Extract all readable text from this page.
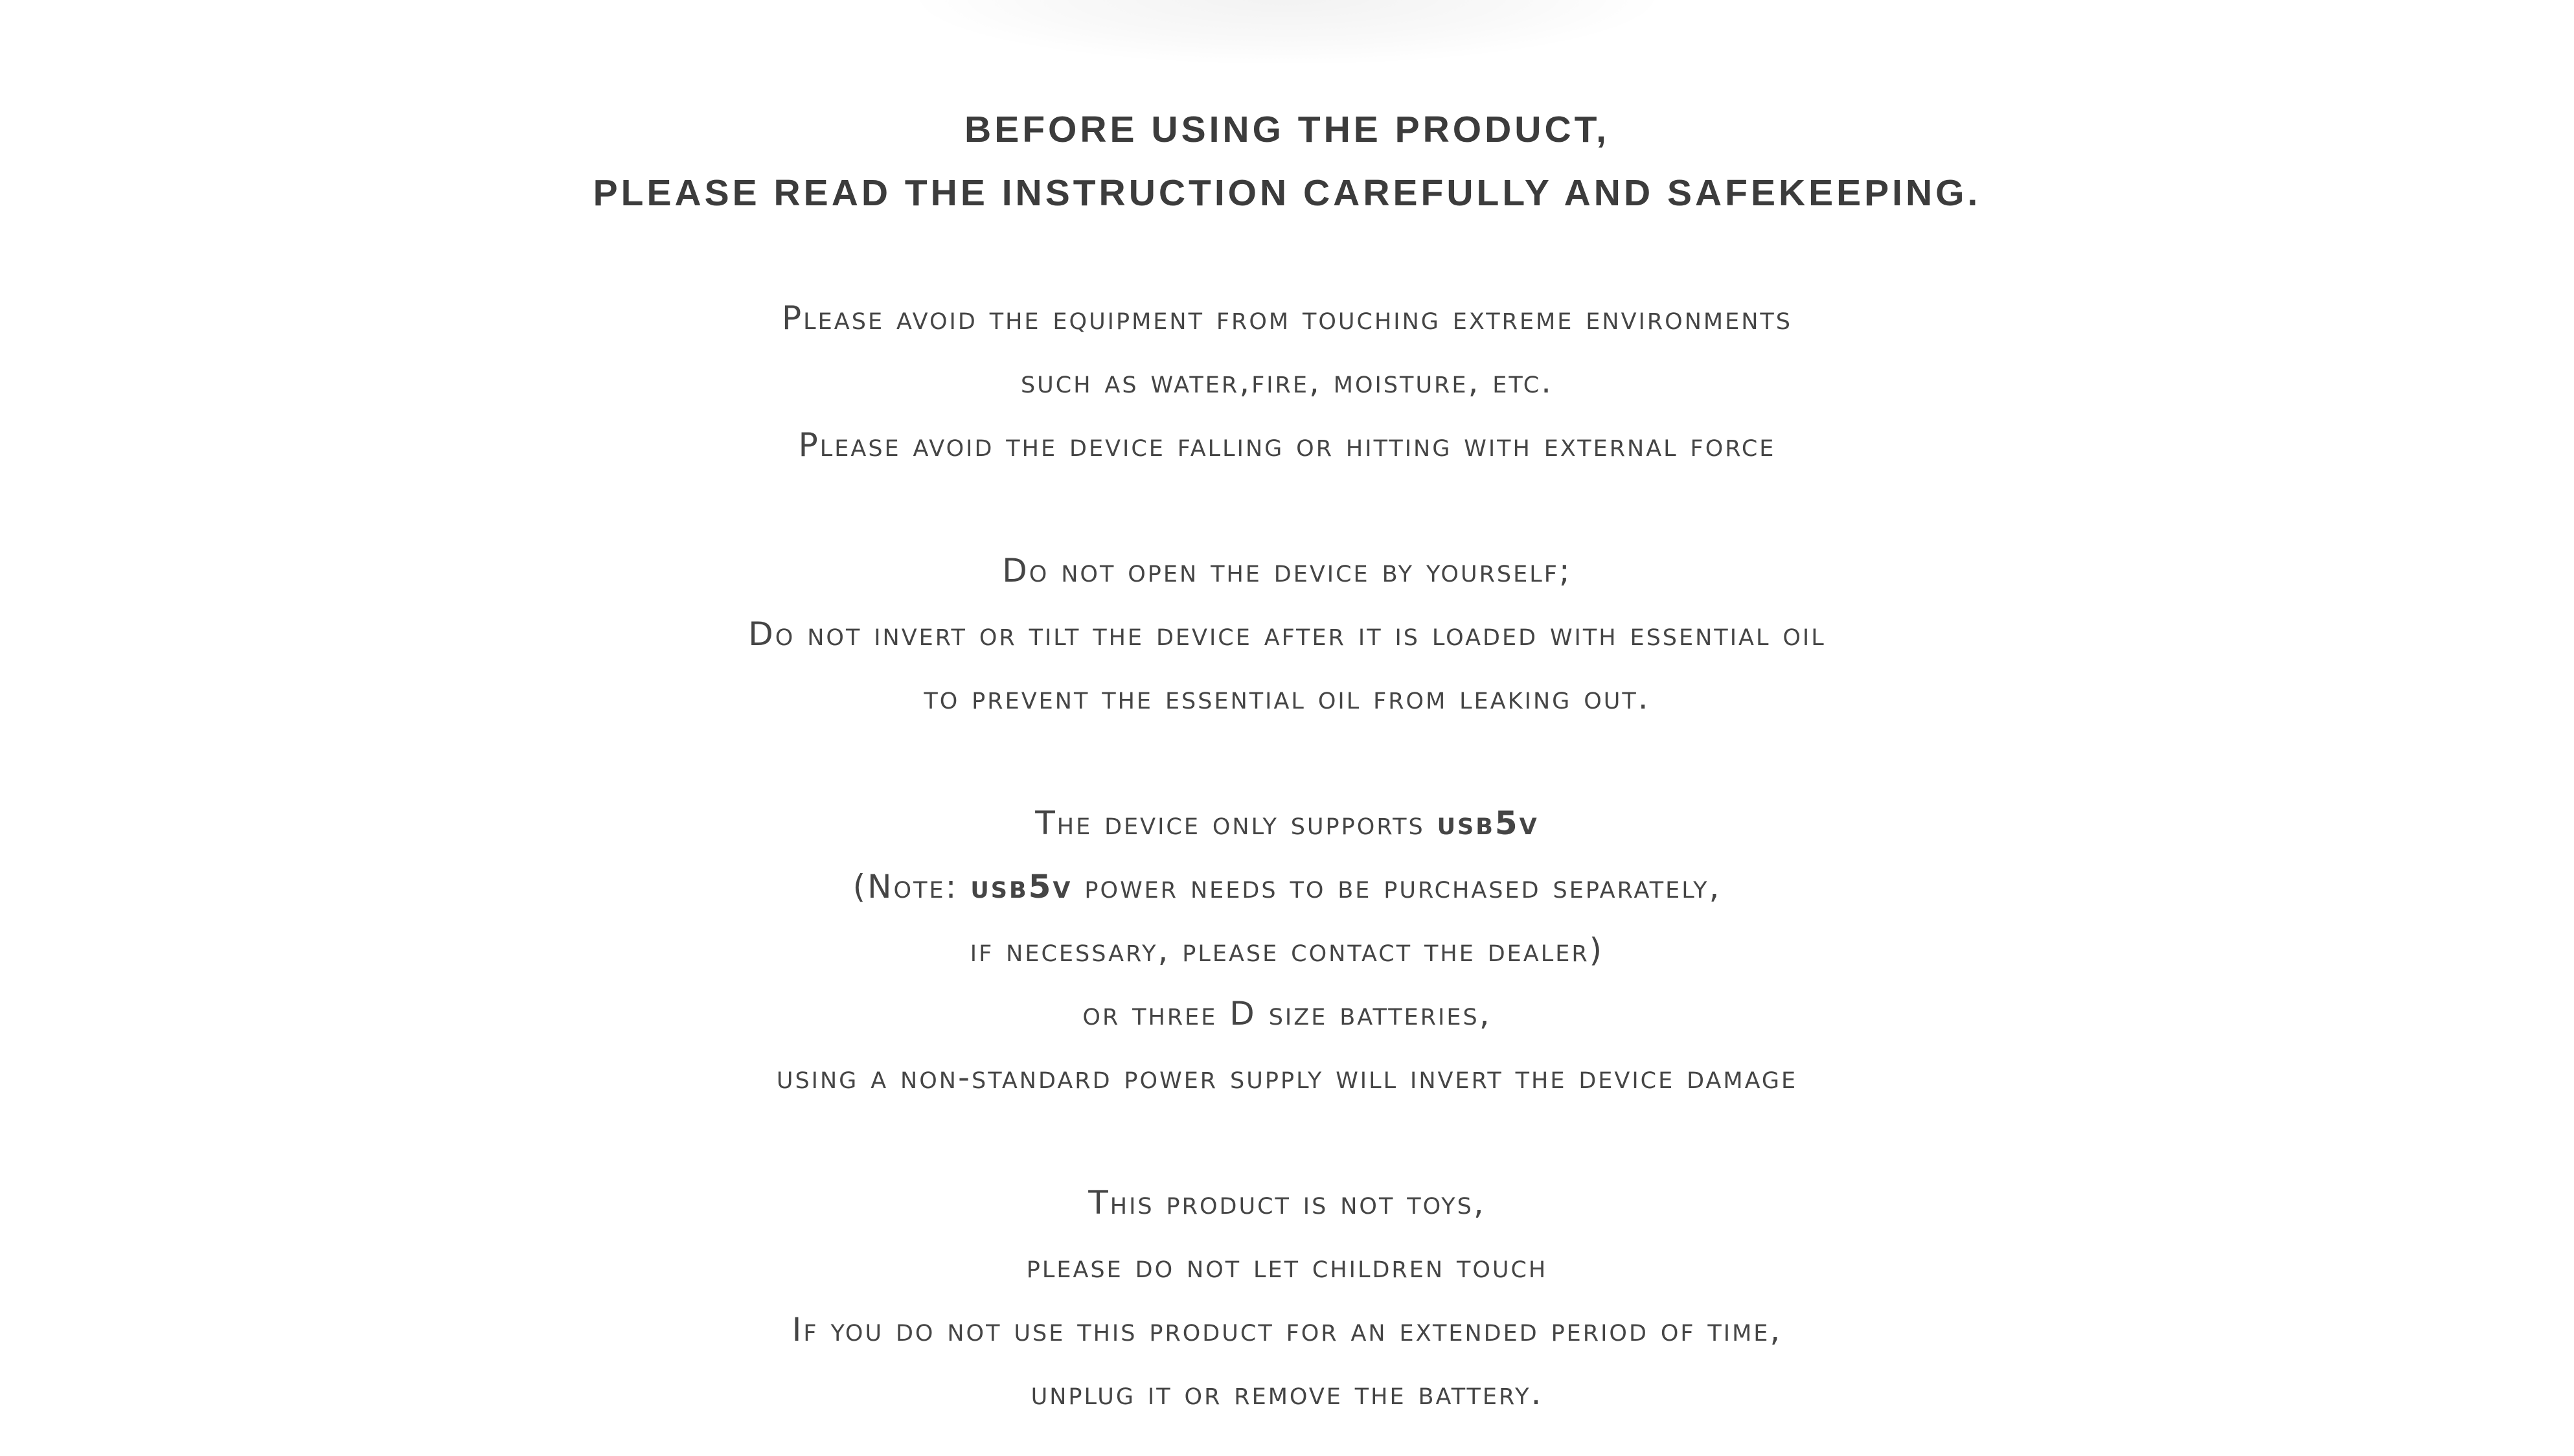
BEFORE USING THE PRODUCT,
PLEASE READ THE INSTRUCTION CAREFULLY AND SAFEKEEPING.
Please avoid the equipment from touching extreme environments
such as water,fire, moisture, etc.
Please avoid the device falling or hitting with external force
Do not open the device by yourself;
Do not invert or tilt the device after it is loaded with essential oil
to prevent the essential oil from leaking out.
The device only supports usb5v
(Note: usb5v power needs to be purchased separately,
if necessary, please contact the dealer)
or three D size batteries,
using a non-standard power supply will invert the device damage
This product is not toys,
please do not let children touch
If you do not use this product for an extended period of time,
unplug it or remove the battery.
